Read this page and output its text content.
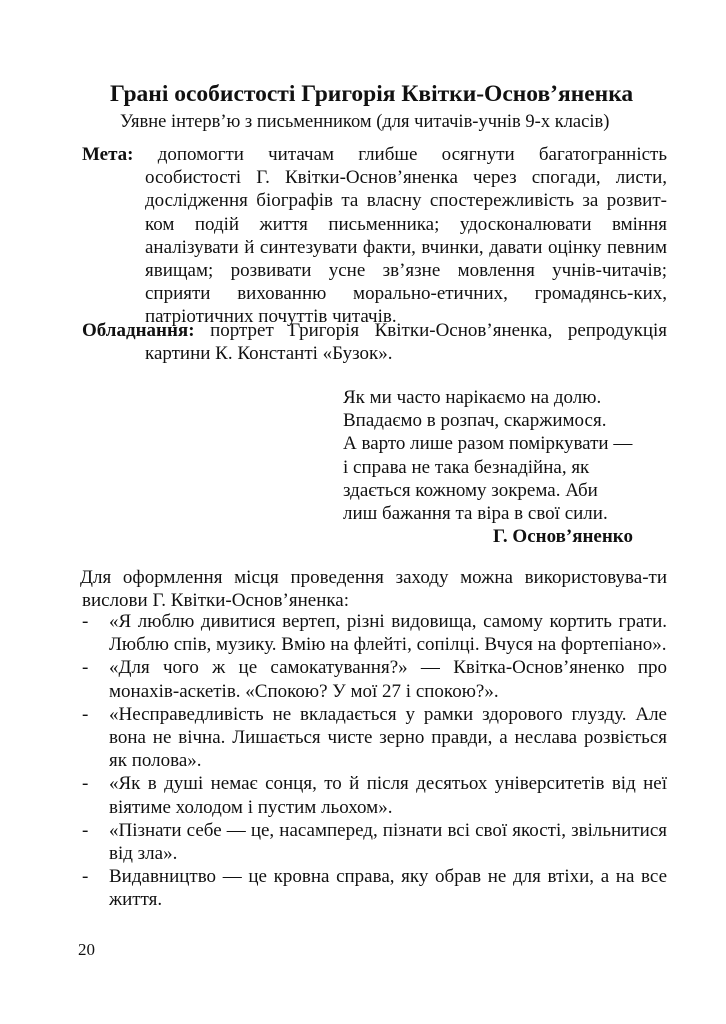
Грані особистості Григорія Квітки-Основ’яненка
Уявне інтерв’ю з письменником (для читачів-учнів 9-х класів)
Мета: допомогти читачам глибше осягнути багатогранність особистості Г. Квітки-Основ’яненка через спогади, листи, дослідження біографів та власну спостережливість за розвит-ком подій життя письменника; удосконалювати вміння аналізувати й синтезувати факти, вчинки, давати оцінку певним явищам; розвивати усне зв’язне мовлення учнів-читачів; сприяти вихованню морально-етичних, громадянсь-ких, патріотичних почуттів читачів.
Обладнання: портрет Григорія Квітки-Основ’яненка, репродукція картини К. Константі «Бузок».
Як ми часто нарікаємо на долю.
Впадаємо в розпач, скаржимося.
А варто лише разом поміркувати —
і справа не така безнадійна, як
здається кожному зокрема. Аби
лиш бажання та віра в свої сили.
Г. Основ’яненко
Для оформлення місця проведення заходу можна використовува-ти вислови Г. Квітки-Основ’яненка:
- «Я люблю дивитися вертеп, різні видовища, самому кортить грати. Люблю спів, музику. Вмію на флейті, сопілці. Вчуся на фортепіано».
- «Для чого ж це самокатування?» — Квітка-Основ’яненко про монахів-аскетів. «Спокою? У мої 27 і спокою?».
- «Несправедливість не вкладається у рамки здорового глузду. Але вона не вічна. Лишається чисте зерно правди, а неслава розвіється як полова».
- «Як в душі немає сонця, то й після десятьох університетів від неї віятиме холодом і пустим льохом».
- «Пізнати себе — це, насамперед, пізнати всі свої якості, звільнитися від зла».
- Видавництво — це кровна справа, яку обрав не для втіхи, а на все життя.
20
